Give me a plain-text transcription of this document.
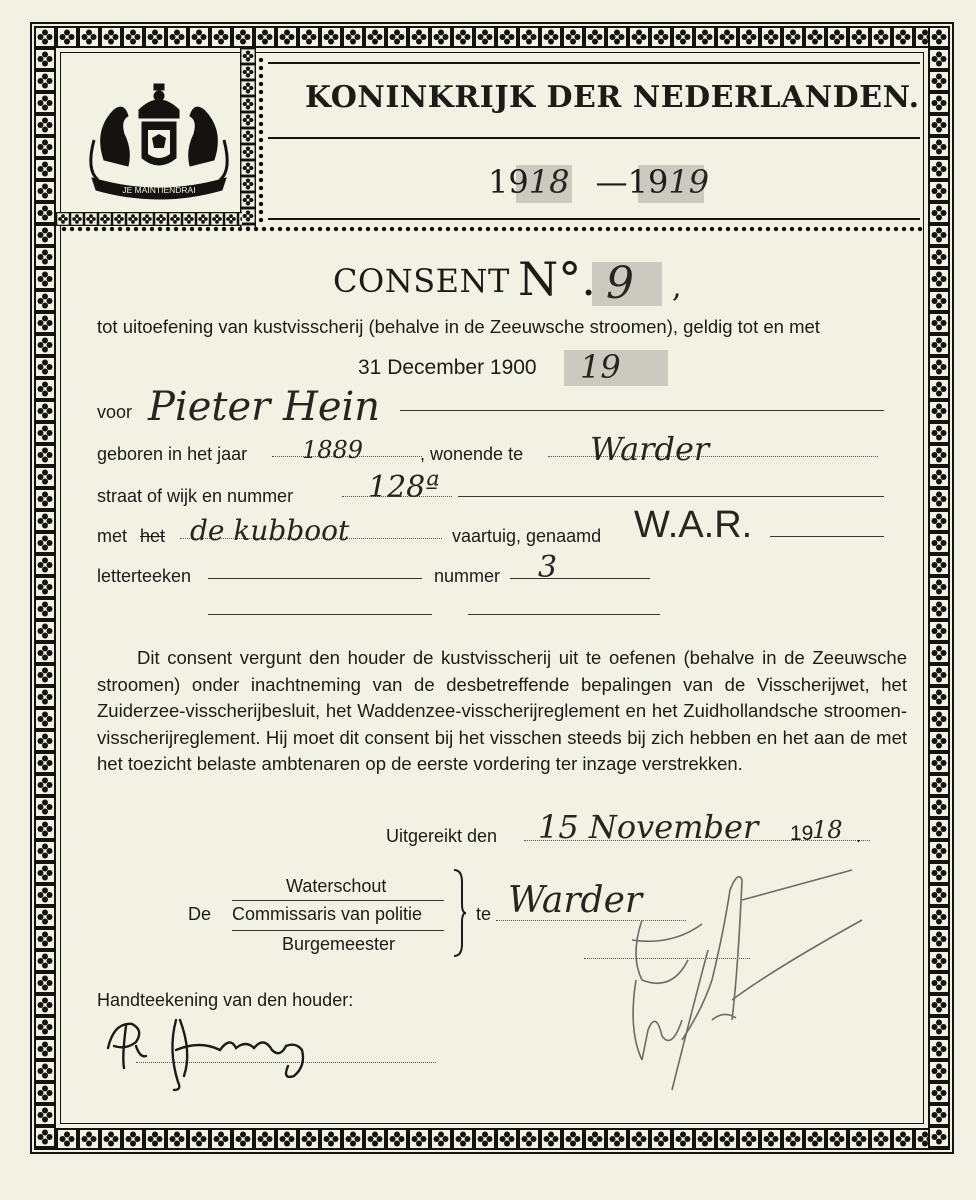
JE MAINTIENDRAI
KONINKRIJK DER NEDERLANDEN.
1918 —1919
CONSENT N°. 9 ,
tot uitoefening van kustvisscherij (behalve in de Zeeuwsche stroomen), geldig tot en met
31 December 1900 19
voor Pieter Hein
geboren in het jaar 1889	, wonende te Warder
straat of wijk en nummer 128ª
met het de kubboot	vaartuig, genaamd W.A.R.
letterteeken	nummer 3
Dit consent vergunt den houder de kustvisscherij uit te oefenen (behalve in de Zeeuwsche stroomen) onder inachtneming van de desbetreffende bepalingen van de Visscherijwet, het Zuiderzee-visscherijbesluit, het Waddenzee-visscherijreglement en het Zuidhollandsche stroomen-visscherijreglement. Hij moet dit consent bij het visschen steeds bij zich hebben en het aan de met het toezicht belaste ambtenaren op de eerste vordering ter inzage verstrekken.
Uitgereikt den 15 November 19
18 .
Waterschout
De Commissaris van politie
Burgemeester
te Warder
Handteekening van den houder:
